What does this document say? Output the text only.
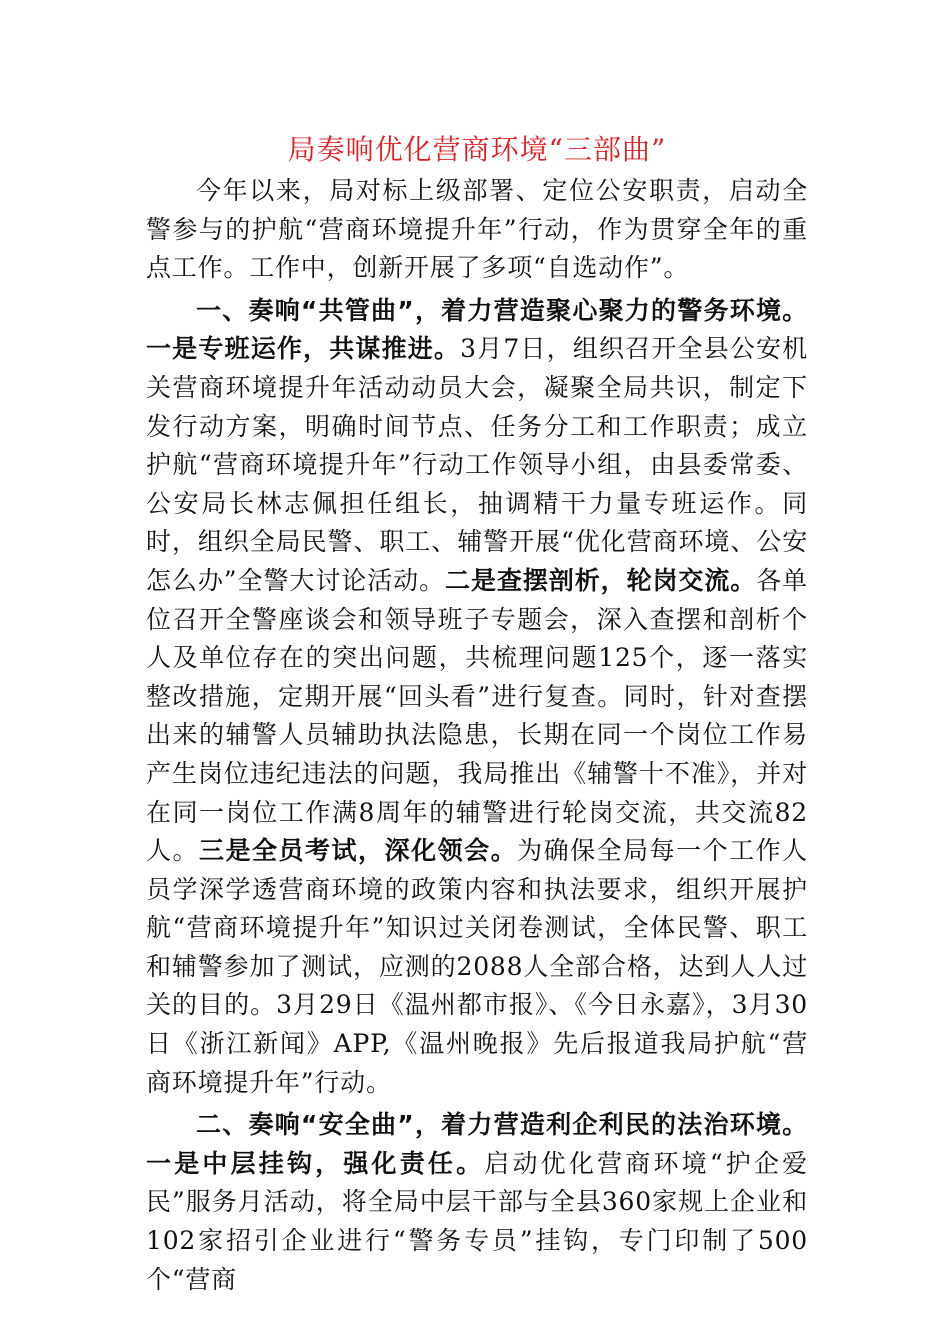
局奏响优化营商环境“三部曲”

今年以来，局对标上级部署、定位公安职责，启动全警参与的护航“营商环境提升年”行动，作为贯穿全年的重点工作。工作中，创新开展了多项“自选动作”。

一、奏响“共管曲”，着力营造聚心聚力的警务环境。一是专班运作，共谋推进。3月7日，组织召开全县公安机关营商环境提升年活动动员大会，凝聚全局共识，制定下发行动方案，明确时间节点、任务分工和工作职责；成立护航“营商环境提升年”行动工作领导小组，由县委常委、公安局长林志佩担任组长，抽调精干力量专班运作。同时，组织全局民警、职工、辅警开展“优化营商环境、公安怎么办”全警大讨论活动。二是查摆剖析，轮岗交流。各单位召开全警座谈会和领导班子专题会，深入查摆和剖析个人及单位存在的突出问题，共梳理问题125个，逐一落实整改措施，定期开展“回头看”进行复查。同时，针对查摆出来的辅警人员辅助执法隐患，长期在同一个岗位工作易产生岗位违纪违法的问题，我局推出《辅警十不准》，并对在同一岗位工作满8周年的辅警进行轮岗交流，共交流82人。三是全员考试，深化领会。为确保全局每一个工作人员学深学透营商环境的政策内容和执法要求，组织开展护航“营商环境提升年”知识过关闭卷测试，全体民警、职工和辅警参加了测试，应测的2088人全部合格，达到人人过关的目的。3月29日《温州都市报》、《今日永嘉》，3月30日《浙江新闻》APP,《温州晚报》先后报道我局护航“营商环境提升年”行动。

二、奏响“安全曲”，着力营造利企利民的法治环境。一是中层挂钩，强化责任。启动优化营商环境“护企爱民”服务月活动，将全局中层干部与全县360家规上企业和102家招引企业进行“警务专员”挂钩，专门印制了500个“营商
